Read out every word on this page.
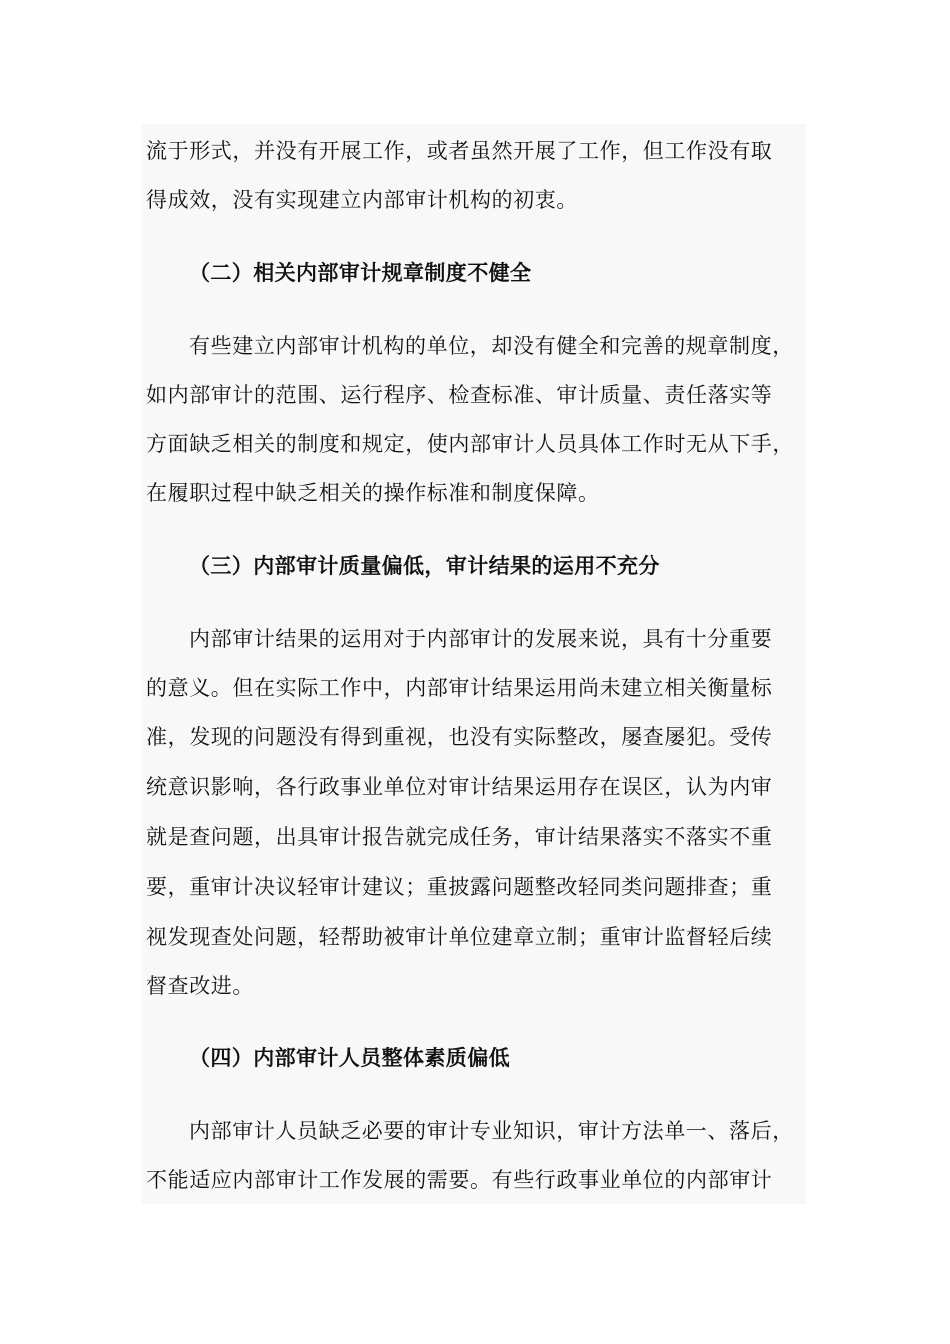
流于形式，并没有开展工作，或者虽然开展了工作，但工作没有取
得成效，没有实现建立内部审计机构的初衷。
（二）相关内部审计规章制度不健全
有些建立内部审计机构的单位，却没有健全和完善的规章制度，
如内部审计的范围、运行程序、检查标准、审计质量、责任落实等
方面缺乏相关的制度和规定，使内部审计人员具体工作时无从下手，
在履职过程中缺乏相关的操作标准和制度保障。
（三）内部审计质量偏低，审计结果的运用不充分
内部审计结果的运用对于内部审计的发展来说，具有十分重要
的意义。但在实际工作中，内部审计结果运用尚未建立相关衡量标
准，发现的问题没有得到重视，也没有实际整改，屡查屡犯。受传
统意识影响，各行政事业单位对审计结果运用存在误区，认为内审
就是查问题，出具审计报告就完成任务，审计结果落实不落实不重
要，重审计决议轻审计建议；重披露问题整改轻同类问题排查；重
视发现查处问题，轻帮助被审计单位建章立制；重审计监督轻后续
督查改进。
（四）内部审计人员整体素质偏低
内部审计人员缺乏必要的审计专业知识，审计方法单一、落后，
不能适应内部审计工作发展的需要。有些行政事业单位的内部审计
